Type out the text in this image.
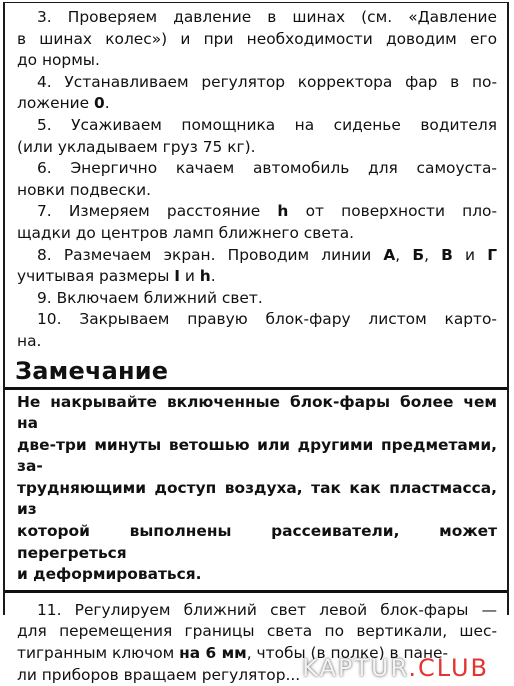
3. Проверяем давление в шинах (см. «Давление
в шинах колес») и при необходимости доводим его
до нормы.

4. Устанавливаем регулятор корректора фар в по-
ложение 0.

5. Усаживаем помощника на сиденье водителя
(или укладываем груз 75 кг).

6. Энергично качаем автомобиль для самоуста-
новки подвески.

7. Измеряем расстояние h от поверхности пло-
щадки до центров ламп ближнего света.

8. Размечаем экран. Проводим линии А, Б, В и Г
учитывая размеры I и h.

9. Включаем ближний свет.

10. Закрываем правую блок-фару листом карто-
на.

Замечание
Не накрывайте включенные блок-фары более чем на
две-три минуты ветошью или другими предметами, за-
трудняющими доступ воздуха, так как пластмасса, из
которой выполнены рассеиватели, может перегреться
и деформироваться.

11. Регулируем ближний свет левой блок-фары —
для перемещения границы света по вертикали, шес-
тигранным ключом на 6 мм, чтобы (в полке) в пане-
ли приборов вращаем регулятор... KAPTUR.CLUB
